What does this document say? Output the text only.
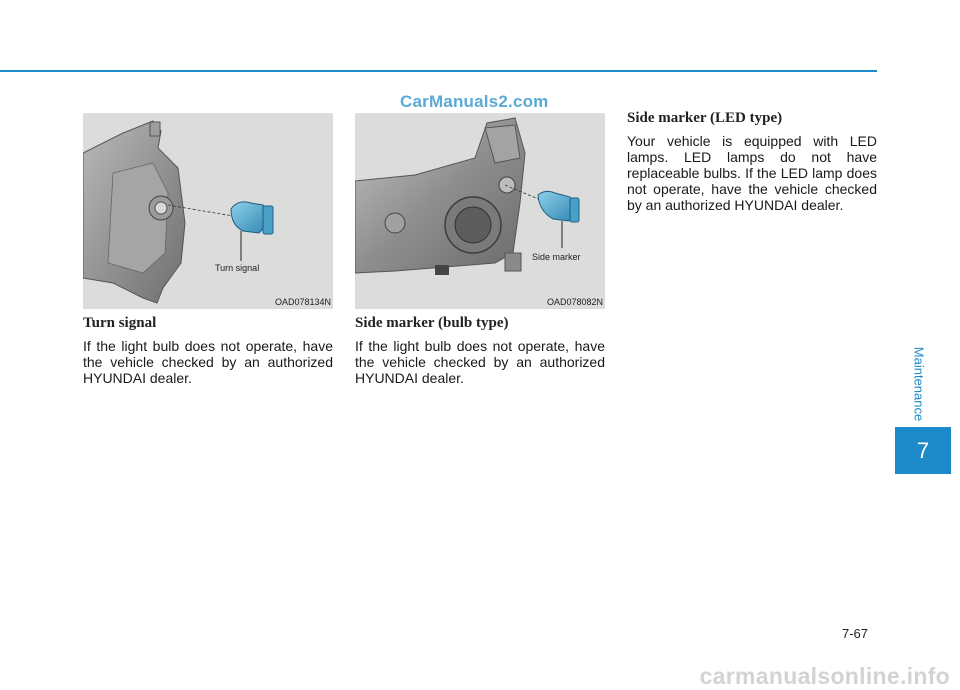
CarManuals2.com
Turn signal
OAD078134N
Side marker
OAD078082N
Turn signal

If the light bulb does not operate, have the vehicle checked by an authorized HYUNDAI dealer.

Side marker (bulb type)

If the light bulb does not operate, have the vehicle checked by an authorized HYUNDAI dealer.

Side marker (LED type)

Your vehicle is equipped with LED lamps. LED lamps do not have replaceable bulbs. If the LED lamp does not operate, have the vehicle checked by an authorized HYUNDAI dealer.

Maintenance
7
7-67
carmanualsonline.info
